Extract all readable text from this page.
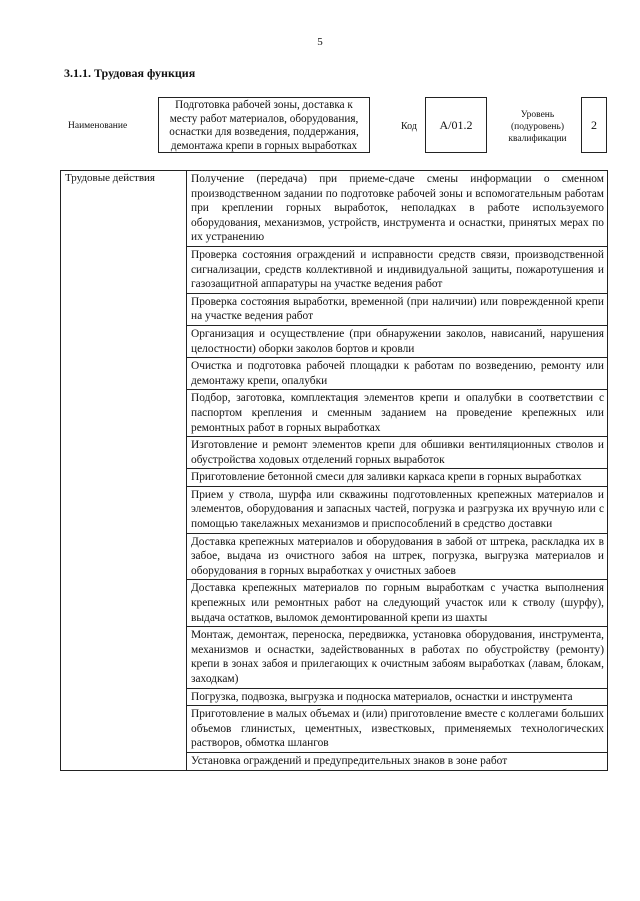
5
3.1.1. Трудовая функция
Наименование
Подготовка рабочей зоны, доставка к месту работ материалов, оборудования, оснастки для возведения, поддержания, демонтажа крепи в горных выработках
Код	A/01.2
Уровень (подуровень) квалификации
2
Трудовые действия	Получение (передача) при приеме-сдаче смены информации о сменном производственном задании по подготовке рабочей зоны и вспомогательным работам при креплении горных выработок, неполадках в работе используемого оборудования, механизмов, устройств, инструмента и оснастки, принятых мерах по их устранению
Проверка состояния ограждений и исправности средств связи, производственной сигнализации, средств коллективной и индивидуальной защиты, пожаротушения и газозащитной аппаратуры на участке ведения работ
Проверка состояния выработки, временной (при наличии) или поврежденной крепи на участке ведения работ
Организация и осуществление (при обнаружении заколов, нависаний, нарушения целостности) оборки заколов бортов и кровли
Очистка и подготовка рабочей площадки к работам по возведению, ремонту или демонтажу крепи, опалубки
Подбор, заготовка, комплектация элементов крепи и опалубки в соответствии с паспортом крепления и сменным заданием на проведение крепежных или ремонтных работ в горных выработках
Изготовление и ремонт элементов крепи для обшивки вентиляционных стволов и обустройства ходовых отделений горных выработок
Приготовление бетонной смеси для заливки каркаса крепи в горных выработках
Прием у ствола, шурфа или скважины подготовленных крепежных материалов и элементов, оборудования и запасных частей, погрузка и разгрузка их вручную или с помощью такелажных механизмов и приспособлений в средство доставки
Доставка крепежных материалов и оборудования в забой от штрека, раскладка их в забое, выдача из очистного забоя на штрек, погрузка, выгрузка материалов и оборудования в горных выработках у очистных забоев
Доставка крепежных материалов по горным выработкам с участка выполнения крепежных или ремонтных работ на следующий участок или к стволу (шурфу), выдача остатков, выломок демонтированной крепи из шахты
Монтаж, демонтаж, переноска, передвижка, установка оборудования, инструмента, механизмов и оснастки, задействованных в работах по обустройству (ремонту) крепи в зонах забоя и прилегающих к очистным забоям выработках (лавам, блокам, заходкам)
Погрузка, подвозка, выгрузка и подноска материалов, оснастки и инструмента
Приготовление в малых объемах и (или) приготовление вместе с коллегами больших объемов глинистых, цементных, известковых, применяемых технологических растворов, обмотка шлангов
Установка ограждений и предупредительных знаков в зоне работ
